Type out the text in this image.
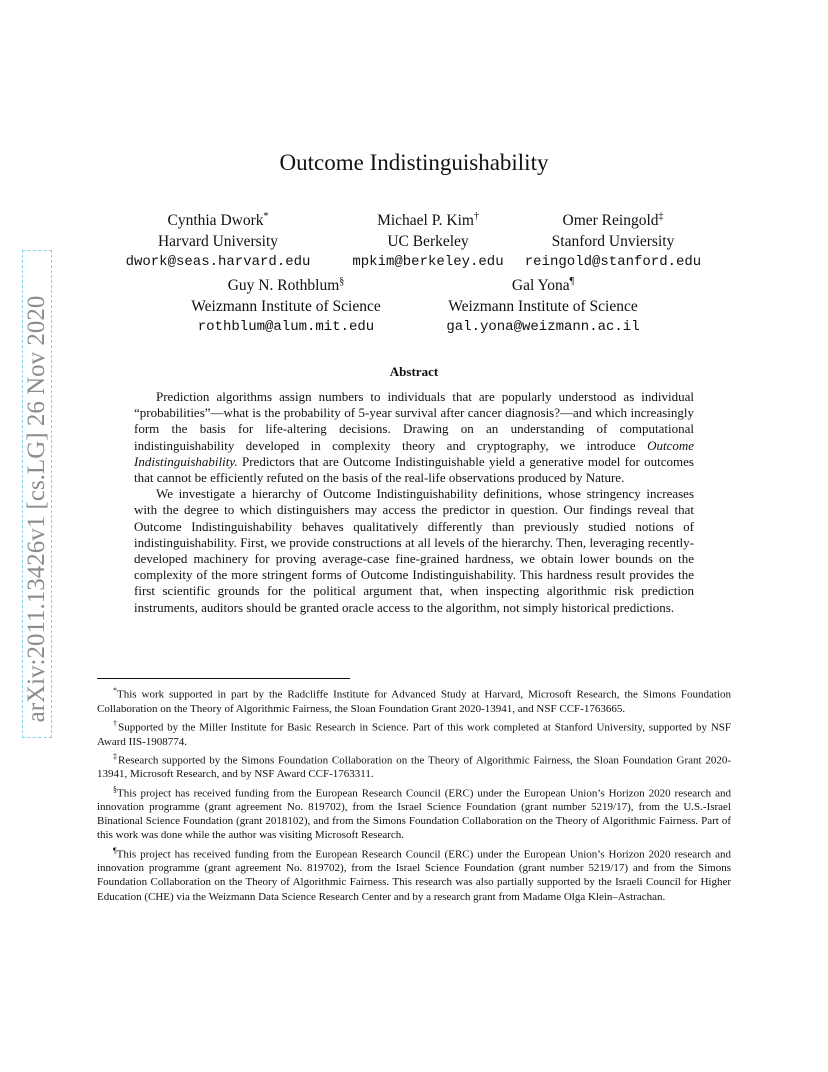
arXiv:2011.13426v1 [cs.LG] 26 Nov 2020
Outcome Indistinguishability
Cynthia Dwork*
Harvard University
dwork@seas.harvard.edu
Michael P. Kim†
UC Berkeley
mpkim@berkeley.edu
Omer Reingold‡
Stanford Unviersity
reingold@stanford.edu
Guy N. Rothblum§
Weizmann Institute of Science
rothblum@alum.mit.edu
Gal Yona¶
Weizmann Institute of Science
gal.yona@weizmann.ac.il
Abstract

Prediction algorithms assign numbers to individuals that are popularly understood as individual “probabilities”—what is the probability of 5-year survival after cancer diagnosis?—and which increasingly form the basis for life-altering decisions. Drawing on an understanding of computational indistinguishability developed in complexity theory and cryptography, we introduce Outcome Indistinguishability. Predictors that are Outcome Indistinguishable yield a generative model for outcomes that cannot be efficiently refuted on the basis of the real-life observations produced by Nature.

We investigate a hierarchy of Outcome Indistinguishability definitions, whose stringency increases with the degree to which distinguishers may access the predictor in question. Our findings reveal that Outcome Indistinguishability behaves qualitatively differently than previously studied notions of indistinguishability. First, we provide constructions at all levels of the hierarchy. Then, leveraging recently-developed machinery for proving average-case fine-grained hardness, we obtain lower bounds on the complexity of the more stringent forms of Outcome Indistinguishability. This hardness result provides the first scientific grounds for the political argument that, when inspecting algorithmic risk prediction instruments, auditors should be granted oracle access to the algorithm, not simply historical predictions.

*This work supported in part by the Radcliffe Institute for Advanced Study at Harvard, Microsoft Research, the Simons Foundation Collaboration on the Theory of Algorithmic Fairness, the Sloan Foundation Grant 2020-13941, and NSF CCF-1763665.

†Supported by the Miller Institute for Basic Research in Science. Part of this work completed at Stanford University, supported by NSF Award IIS-1908774.

‡Research supported by the Simons Foundation Collaboration on the Theory of Algorithmic Fairness, the Sloan Foundation Grant 2020-13941, Microsoft Research, and by NSF Award CCF-1763311.

§This project has received funding from the European Research Council (ERC) under the European Union’s Horizon 2020 research and innovation programme (grant agreement No. 819702), from the Israel Science Foundation (grant number 5219/17), from the U.S.-Israel Binational Science Foundation (grant 2018102), and from the Simons Foundation Collaboration on the Theory of Algorithmic Fairness. Part of this work was done while the author was visiting Microsoft Research.

¶This project has received funding from the European Research Council (ERC) under the European Union’s Horizon 2020 research and innovation programme (grant agreement No. 819702), from the Israel Science Foundation (grant number 5219/17) and from the Simons Foundation Collaboration on the Theory of Algorithmic Fairness. This research was also partially supported by the Israeli Council for Higher Education (CHE) via the Weizmann Data Science Research Center and by a research grant from Madame Olga Klein–Astrachan.
